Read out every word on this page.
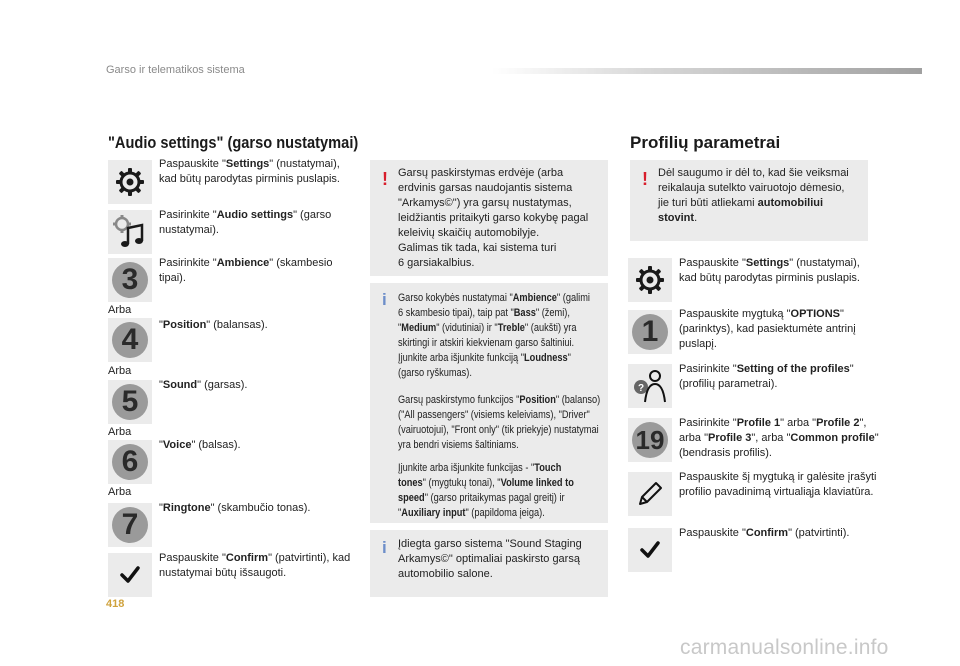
Garso ir telematikos sistema
"Audio settings" (garso nustatymai)
Paspauskite "Settings" (nustatymai), kad būtų parodytas pirminis puslapis.
Pasirinkite "Audio settings" (garso nustatymai).
3 Pasirinkite "Ambience" (skambesio tipai).
Arba
4 "Position" (balansas).
Arba
5 "Sound" (garsas).
Arba
6 "Voice" (balsas).
Arba
7 "Ringtone" (skambučio tonas).
Paspauskite "Confirm" (patvirtinti), kad nustatymai būtų išsaugoti.
! Garsų paskirstymas erdvėje (arba
erdvinis garsas naudojantis sistema
"Arkamys©") yra garsų nustatymas,
leidžiantis pritaikyti garso kokybę pagal
keleivių skaičių automobilyje.
Galimas tik tada, kai sistema turi
6 garsiakalbius.
i Garso kokybės nustatymai "Ambience" (galimi
6 skambesio tipai), taip pat "Bass" (žemi),
"Medium" (vidutiniai) ir "Treble" (aukšti) yra
skirtingi ir atskiri kiekvienam garso šaltiniui.
Įjunkite arba išjunkite funkciją "Loudness"
(garso ryškumas).
Garsų paskirstymo funkcijos "Position" (balanso)
("All passengers" (visiems keleiviams), "Driver"
(vairuotojui), "Front only" (tik priekyje) nustatymai
yra bendri visiems šaltiniams.
Įjunkite arba išjunkite funkcijas - "Touch
tones" (mygtukų tonai), "Volume linked to
speed" (garso pritaikymas pagal greitį) ir
"Auxiliary input" (papildoma įeiga).
i Įdiegta garso sistema "Sound Staging
Arkamys©" optimaliai paskirsto garsą
automobilio salone.
Profilių parametrai
! Dėl saugumo ir dėl to, kad šie veiksmai reikalauja sutelkto vairuotojo dėmesio, jie turi būti atliekami automobiliui stovint.
Paspauskite "Settings" (nustatymai), kad būtų parodytas pirminis puslapis.
1
Paspauskite mygtuką "OPTIONS" (parinktys), kad pasiektumėte antrinį puslapį.
?
Pasirinkite "Setting of the profiles" (profilių parametrai).
19
Pasirinkite "Profile 1" arba "Profile 2", arba "Profile 3", arba "Common profile" (bendrasis profilis).
Paspauskite šį mygtuką ir galėsite įrašyti profilio pavadinimą virtualiąja klaviatūra.
Paspauskite "Confirm" (patvirtinti).
418
carmanualsonline.info
